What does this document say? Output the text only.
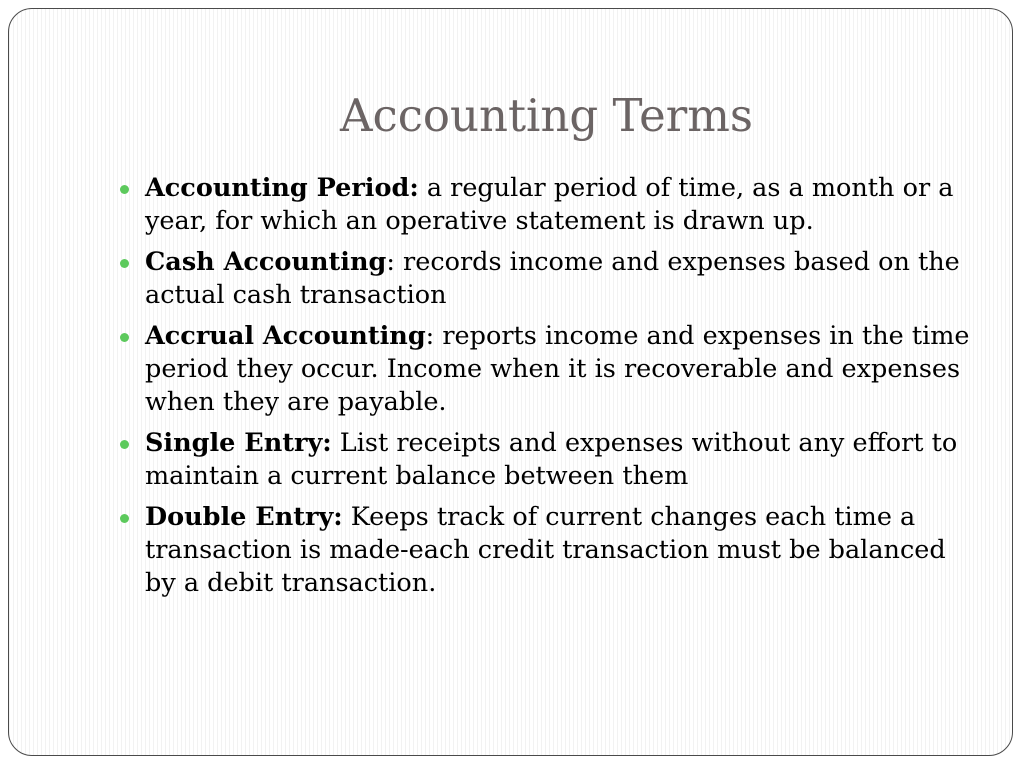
Accounting Terms
Accounting Period: a regular period of time, as a month or a year, for which an operative statement is drawn up.
Cash Accounting: records income and expenses based on the actual cash transaction
Accrual Accounting: reports income and expenses in the time period they occur. Income when it is recoverable and expenses when they are payable.
Single Entry: List receipts and expenses without any effort to maintain a current balance between them
Double Entry: Keeps track of current changes each time a transaction is made-each credit transaction must be balanced by a debit transaction.
